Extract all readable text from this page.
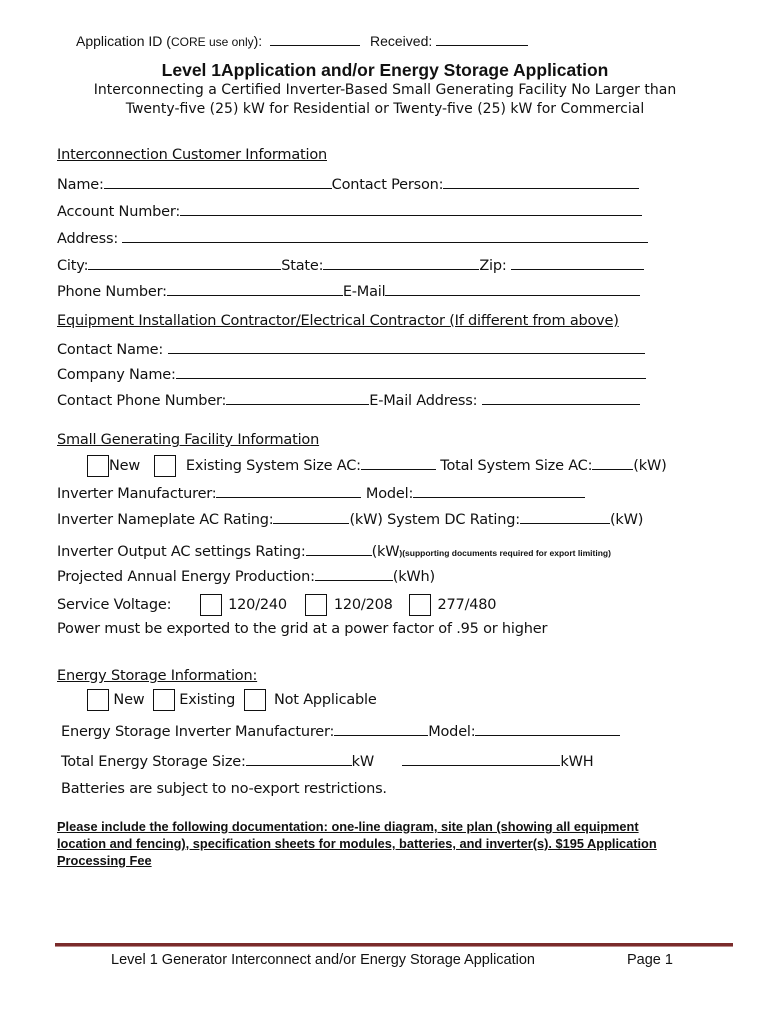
Application ID (CORE use only):	Received:
Level 1Application and/or Energy Storage Application
Interconnecting a Certified Inverter-Based Small Generating Facility No Larger than
Twenty-five (25) kW for Residential or Twenty-five (25) kW for Commercial
Interconnection Customer Information
Name:	Contact Person:
Account Number:
Address:
City:	State:	Zip:
Phone Number:	E-Mail
Equipment Installation Contractor/Electrical Contractor (If different from above)
Contact Name:
Company Name:
Contact Phone Number:	E-Mail Address:
Small Generating Facility Information
New	Existing System Size AC:	Total System Size AC:	(kW)
Inverter Manufacturer:	Model:
Inverter Nameplate AC Rating:	(kW) System DC Rating:	(kW)
Inverter Output AC settings Rating:	(kW)(supporting documents required for export limiting)
Projected Annual Energy Production:	(kWh)
Service Voltage:	120/240	120/208	277/480
Power must be exported to the grid at a power factor of .95 or higher
Energy Storage Information:
New Existing	Not Applicable
Energy Storage Inverter Manufacturer:	Model:
Total Energy Storage Size:	kW	kWH
Batteries are subject to no-export restrictions.
Please include the following documentation: one-line diagram, site plan (showing all equipment
location and fencing), specification sheets for modules, batteries, and inverter(s). $195 Application
Processing Fee
Level 1 Generator Interconnect and/or Energy Storage Application	Page 1
